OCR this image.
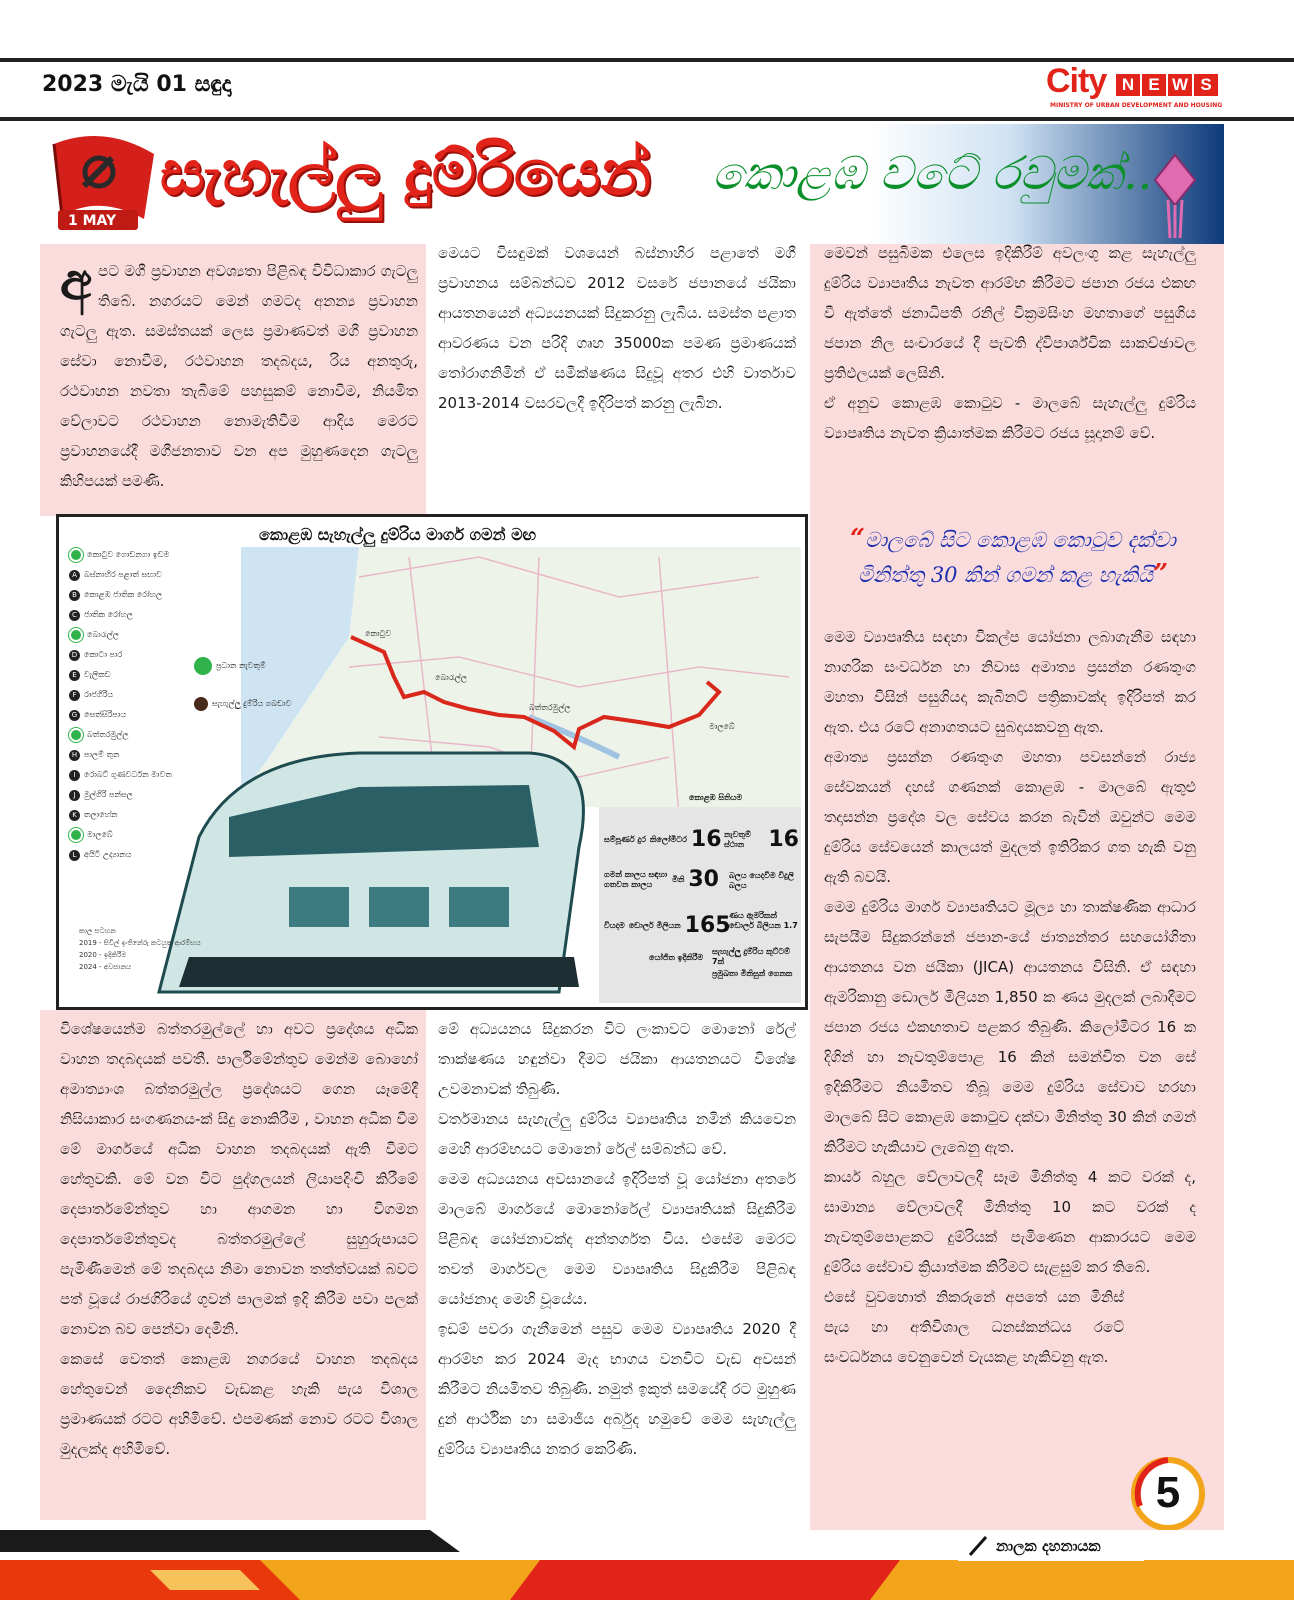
2023 මැයි 01 සඳුදා	City N E W S
MINISTRY OF URBAN DEVELOPMENT AND HOUSING
1 MAY
සැහැල්ලු දුම්රියෙන් කොළඹ වටේ රවුමක්..
අ පට මගී ප්‍රවාහන අවශ්‍යතා පිළිබඳ විවිධාකාර ගැටලු තිබේ. නගරයට මෙන් ගමටද අනන්‍ය ප්‍රවාහන ගැටලු ඇත. සමස්තයක් ලෙස ප්‍රමාණවත් මගී ප්‍රවාහන සේවා නොවීම, රථවාහන තදබදය, රිය අනතුරු, රථවාහන නවතා තැබීමේ පහසුකම් නොවීම, නියමිත වේලාවට රථවාහන නොමැතිවීම ආදිය මෙරට ප්‍රවාහනයේදී මගීජනතාව වන අප මුහුණදෙන ගැටලු කිහිපයක් පමණි.

මෙයට විසඳුමක් වශයෙන් බස්නාහිර පළාතේ මගී ප්‍රවාහනය සම්බන්ධව 2012 වසරේ ජපානයේ ජයිකා ආයතනයෙන් අධ්‍යයනයක් සිදුකරනු ලැබීය. සමස්ත පළාත ආවරණය වන පරිදි ගෘහ 35000ක පමණ ප්‍රමාණයක් තෝරාගනිමින් ඒ සමීක්ෂණය සිදුවූ අතර එහි වාර්තාව 2013-2014 වසරවලදී ඉදිරිපත් කරනු ලැබින.

මෙවන් පසුබිමක එලෙස ඉදිකිරීම් අවලංගු කළ සැහැල්ලු දුම්රිය ව්‍යාපෘතිය නැවත ආරම්භ කිරීමට ජපාන රජය එකඟ වී ඇත්තේ ජනාධිපති රනිල් වික්‍රමසිංහ මහතාගේ පසුගිය ජපාන නිල සංචාරයේ දී පැවති ද්විපාර්ශ්වික සාකච්ඡාවල ප්‍රතිඵලයක් ලෙසිනි.

ඒ අනුව කොළඹ කොටුව - මාලබේ සැහැල්ලු දුම්රිය ව්‍යාපෘතිය නැවත ක්‍රියාත්මක කිරීමට රජය සූදානම් වේ.

“මාලබේ සිට කොළඹ කොටුව දක්වා මිනිත්තු 30 කින් ගමන් කළ හැකියි”

මෙම ව්‍යාපෘතිය සඳහා විකල්ප යෝජනා ලබාගැනීම සඳහා නාගරික සංවර්ධන හා නිවාස අමාත්‍ය ප්‍රසන්න රණතුංග මහතා විසින් පසුගියදා කැබිනට් පත්‍රිකාවක්ද ඉදිරිපත් කර ඇත. එය රටේ අනාගතයට සුබදායකවනු ඇත.

අමාත්‍ය ප්‍රසන්න රණතුංග මහතා පවසන්නේ රාජ්‍ය සේවකයන් දහස් ගණනක් කොළඹ - මාලබේ ඇතුළු තදාසන්න ප්‍රදේශ වල සේවය කරන බැවින් ඔවුන්ට මෙම දුම්රිය සේවයෙන් කාලයත් මුදලත් ඉතිරිකර ගත හැකි වනු ඇති බවයි.

මෙම දුම්රිය මාර්ග ව්‍යාපෘතියට මූල්‍ය හා තාක්ෂණික ආධාර සැපයීම සිදුකරන්නේ ජපාන-යේ ජාත්‍යන්තර සහයෝගිතා ආයතනය වන ජයිකා (JICA) ආයතනය විසිනි. ඒ සඳහා ඇමරිකානු ඩොලර් මිලියන 1,850 ක ණය මුදලක් ලබාදීමට ජපාන රජය එකඟතාව පළකර තිබුණි. කිලෝමීටර 16 ක දිගින් හා නැවතුම්පොළ 16 කින් සමන්විත වන සේ ඉදිකිරීමට නියමිතව තිබූ මෙම දුම්රිය සේවාව හරහා මාලබේ සිට කොළඹ කොටුව දක්වා මිනිත්තු 30 කින් ගමන් කිරීමට හැකියාව ලැබෙනු ඇත.

කාර්ය බහුල වේලාවලදී සෑම මිනිත්තු 4 කට වරක් ද, සාමාන්‍ය වේලාවලදී මිනිත්තු 10 කට වරක් ද නැවතුම්පොළකට දුම්රියක් පැමිණෙන ආකාරයට මෙම දුම්රිය සේවාව ක්‍රියාත්මක කිරීමට සැළසුම් කර තිබේ.

එසේ වුවහොත් නිකරුනේ අපතේ යන මිනිස් පැය හා අතිවිශාල ධනස්කන්ධය රටේ සංවර්ධනය වෙනුවෙන් වැයකළ හැකිවනු ඇත.

කොළඹ සැහැල්ලු දුම්රිය මාර්ග ගමන් මඟ
කොටුව ගොඩනගා ඉඩම
A බස්නාහිර පළාත් සභාව
B කොළඹ ජාතික රෝහල
C ජාතික රෝහල
බොරැල්ල
D කොටා පාර
E වැලිකඩ
F රාජගිරිය
G සෙත්සිරිපාය
බත්තරමුල්ල
H පාලම් තුන
I	රොබට් ගුණවර්ධන මාවත
J	මුල්ගිරි පන්සල
K තලාහේන
මාලබේ
L අයිටී උද්‍යානය
ප්‍රධාන නැවතුම්
සැහැල්ලු දුම්රිය ගබඩාව
කොටුව
බොරැල්ල
බත්තරමුල්ල
මාලබේ
කොළඹ සිතියම
සම්පූර්ණ දුර කිලෝමීටර 16 නැවතුම් ස්ථාන	16
ගමන් කාලය සඳහා ගතවන කාලය
මිනි 30 බලය යෙදවීම විදුලි බලය
වියදම ඩොලර් මිලියන 165
ණය ඇමරිකන් ඩොලර් බිලියන 1.7
යෝජිත ඉදිකිරීම
සැහැල්ලු දුම්රිය කුට්ටම් 7ක්
ප්‍රමුඛතා මිනිසුන් ගෙනක
කාල සටහන
2019 - සිවිල් ඉංජිනේරු කටයුතු ආරම්භය
2020 - ඉදිකිරීම
2024 - අවසානය

විශේෂයෙන්ම බත්තරමුල්ලේ හා අවට ප්‍රදේශය අධික වාහන තදබදයක් පවතී. පාර්ලිමේන්තුව මෙන්ම බොහෝ අමාත්‍යාංශ බත්තරමුල්ල ප්‍රදේශයට ගෙන යෑමේදී නිසියාකාර සංගණනය-ක් සිදු නොකිරීම , වාහන අධික වීම මේ මාර්ගයේ අධික වාහන තදබදයක් ඇති වීමට හේතුවකි. මේ වන විට පුද්ගලයන් ලියාපදිංචි කිරීමේ දෙපාර්තමේන්තුව හා ආගමන හා විගමන දෙපාර්තමේන්තුවද බත්තරමුල්ලේ සුහුරුපායට පැමිණීමෙන් මේ තදබදය නිමා නොවන තත්ත්වයක් බවට පත් වූයේ රාජගිරියේ ගුවන් පාලමක් ඉදි කිරීම පවා පලක් නොවන බව පෙන්වා දෙමිනි.

කෙසේ වෙතත් කොළඹ නගරයේ වාහන තදබදය හේතුවෙන් දෛනිකව වැඩකළ හැකි පැය විශාල ප්‍රමාණයක් රටට අහිමිවේ. එපමණක් නොව රටට විශාල මුදලක්ද අහිමිවේ.

මේ අධ්‍යයනය සිදුකරන විට ලංකාවට මොනෝ රේල් තාක්ෂණය හඳුන්වා දීමට ජයිකා ආයතනයට විශේෂ උවමනාවක් තිබුණි.

වර්තමානය සැහැල්ලු දුම්රිය ව්‍යාපෘතිය නමින් කියවෙන මෙහි ආරම්භයට මොනෝ රේල් සම්බන්ධ වේ.

මෙම අධ්‍යයනය අවසානයේ ඉදිරිපත් වූ යෝජනා අතරේ මාලබේ මාර්ගයේ මොනෝරේල් ව්‍යාපෘතියක් සිදුකිරීම පිළිබඳ යෝජනාවක්ද අන්තර්ගත විය. එසේම මෙරට තවත් මාර්ගවල මෙම ව්‍යාපෘතිය සිදුකිරීම පිළිබඳ යෝජනාද මෙහි වූයේය.

ඉඩම් පවරා ගැනීමෙන් පසුව මෙම ව්‍යාපෘතිය 2020 දී ආරම්භ කර 2024 මැද භාගය වනවිට වැඩ අවසන් කිරීමට නියමිතව තිබුණි. නමුත් ඉකුත් සමයේදී රට මුහුණ දුන් ආර්ථික හා සමාජීය අර්බුද හමුවේ මෙම සැහැල්ලු දුම්රිය ව්‍යාපෘතිය නතර කෙරිණි.

5
නාලක දහනායක
